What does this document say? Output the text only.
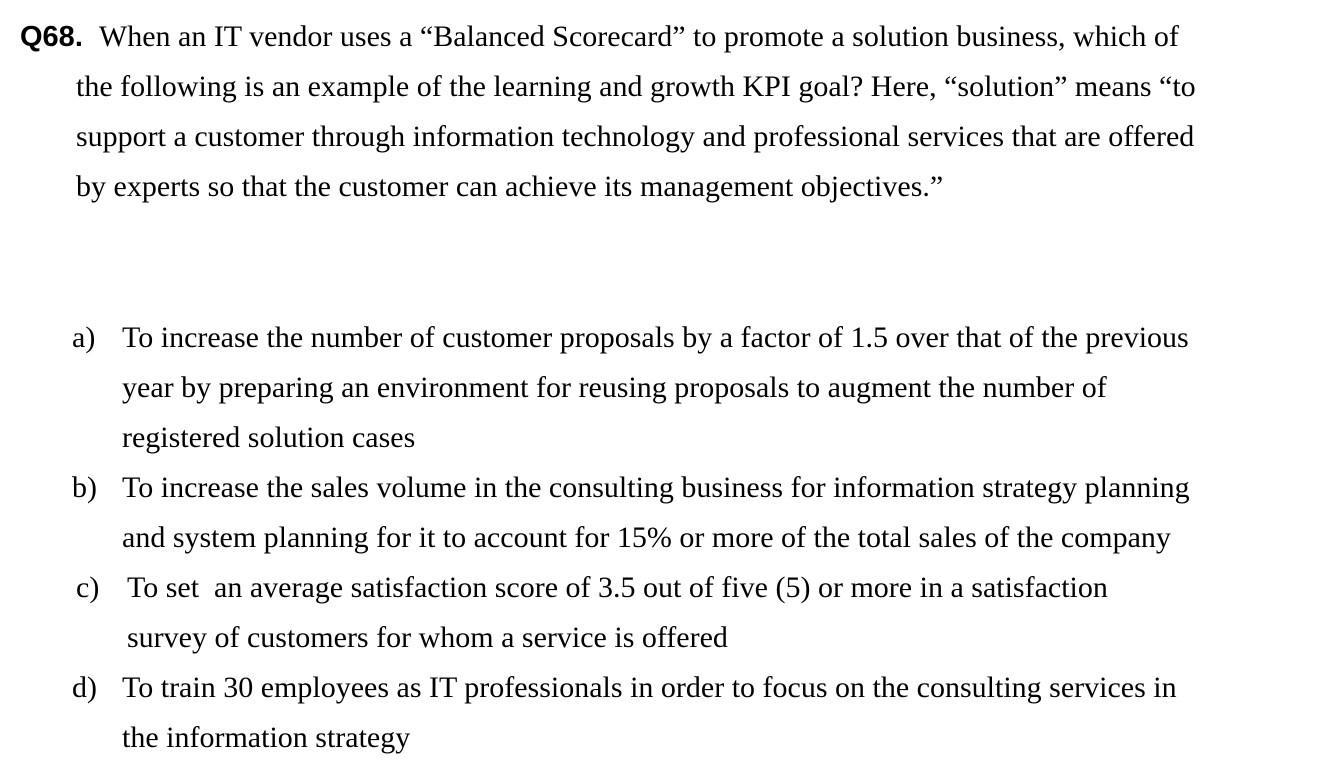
Q68. When an IT vendor uses a “Balanced Scorecard” to promote a solution business, which of
the following is an example of the learning and growth KPI goal? Here, “solution” means “to
support a customer through information technology and professional services that are offered
by experts so that the customer can achieve its management objectives.”
a) To increase the number of customer proposals by a factor of 1.5 over that of the previous
year by preparing an environment for reusing proposals to augment the number of
registered solution cases
b) To increase the sales volume in the consulting business for information strategy planning
and system planning for it to account for 15% or more of the total sales of the company
c) To set  an average satisfaction score of 3.5 out of five (5) or more in a satisfaction
survey of customers for whom a service is offered
d) To train 30 employees as IT professionals in order to focus on the consulting services in
the information strategy
